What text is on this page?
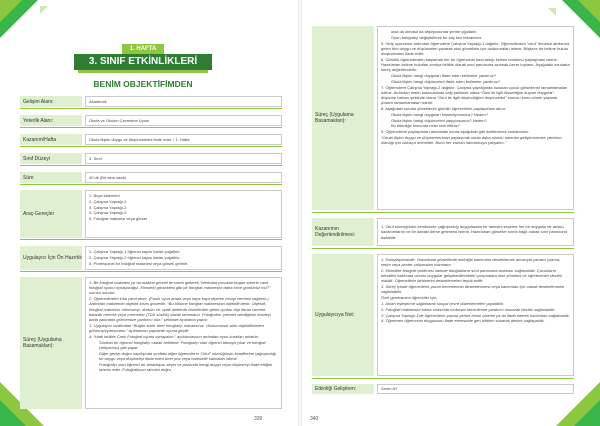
1. HAFTA
3. SINIF ETKİNLİKLERİ
BENİM OBJEKTİFİMDEN
Gelişim Alanı:	Akademik
Yeterlik Alanı:	Okula ve Okulun Çevresine Uyum
Kazanım/Hafta	Okula ilişkin duygu ve düşüncelerini ifade eder. / 1. Hafta
Sınıf Düzeyi	3. Sınıf
Süre	40 dk (Bir ders saati)
Araç-Gereçler
1. Boya kalemleri
2. Çalışma Yaprağı-1
3. Çalışma Yaprağı-2
4. Çalışma Yaprağı-3
5. Fotoğraf makinesi veya görsel
Uygulayıcı İçin Ön Hazırlık
1. Çalışma Yaprağı-1 öğrenci sayısı kadar çoğaltılır.
2. Çalışma Yaprağı-2 öğrenci sayısı kadar çoğaltılır.
3. Profesyonel bir fotoğraf makinesi veya görseli getirilir.
Süreç (Uygulama Basamakları):
1. Bir fotoğraf makinesi ya da makine görseli ile sınıfa girilerek “Merhaba çocuklar bugün sizlerle canlı fotoğraf oyunu oynayacağız. Elimdeki görseldeki gibi bir fotoğraf makinesini daha önce gördünüz mü?” sorusu sorulur.
2. Öğrencilerden kısa yanıt alınır. (Farklı oyun araba veya kaya kayıt diyerek cevap vermesi sağlanır.) Ardından makinenin objektif kısmı gösterilir. “Bu bölüme fotoğraf makinesinin objektifi denir. Objektif, fotoğraf makinesi, mikroskop, dürbün vb. optik aletlerde cisimlerden gelen ışınları alıp ekran üzerine aktaran mercek veya mercekler (TDK sözlük) olarak tanımlanır. Fotoğrafını çekmek istediğimiz nesneyi daha yakından görmemize yardımcı olur.” şeklinde açıklama yapılır.
3. Uygulayıcı tarafından “Bugün sizler birer fotoğrafçı olacaksınız. Okulumuzun sizin objektifinizden görünüşü/yansıması.” açıklaması yapılarak oyuna geçilir.
4. “Hadi birlikte Canlı Fotoğraf oyunu oynayalım.” açıklamasının ardından oyun kuralları anlatılır.
Sınıftan bir öğrenci fotoğrafçı olarak belirlenir. Fotoğrafçı olan öğrenci tahtaya çıkar ve fotoğraf çekiyormuş gibi yapar.
Diğer geriye doğru sayılışında sınıftaki diğer öğrencilerin “Okul” sözcüğünün kendilerine çağrıştırdığı bir duygu veya düşünceyi ifade eden birer poz veya hareketle kalmaları istenir.
Fotoğrafçı olan öğrenci bir arkadaşını seçer ve pozunda hangi duygu veya düşünceyi ifade ettiğini tahmin eder. Fotoğrafçının tahmini doğru
339
Süreç (Uygulama Basamakları):
olsa da olmasa da afişi/pozunda yerine oğullanır.
Oyun fotoğrafçı değiştirilerek bir kaç kez tekrarlanır.
5. Giriş oyununun ardından öğrencilere Çalışma Yaprağı-1 dağıtılır. Öğrencilerden “okul” denince akıllarına gelen tüm duygu ve düşünceleri yazarak okul görselinin için doldurmaları istenir. Böylece bir kelime bulutu oluşturmaları ifade edilir.
6. Gönüllü öğrencilerden başlamak her bir öğrencinin hazırladığı kelime bulutunu paylaşması istenir. Hazırlanan kelime bulutları sınıfça birlikte olarak sınıf panosuna asılmak üzere toplanır. Aşağıdaki sorularla süreç değerlendirilir:
Okula ilişkin hangi duyguları ifade eden kelimeler yazdınız?
Okula ilişkin hangi düşünceleri ifade eden kelimeler yazdınız?
7. Öğrencilere Çalışma Yaprağı-2 dağıtılır. Çalışma yaprağında bulunan çocuk görsellerini tamamlamaları istenir. Ardından metin kutucuklarda kalp şeklinde olana “Okul ile ilgili hissettiğim duyum duygular”, düşünce balonu şeklinde olana “Okul ile ilgili düşündüğüm düşünceleri” sonucu konu cümle yazarak posteri tamamlamaları istenir.
8. Aşağıdaki sorular yönetilerek gönüllü öğrencilerin paylaşımları alınır.
Okula ilişkin hangi duyguları hissediyorsunuz? Neden?
Okula ilişkin hangi düşünceleri yaşıyorsunuz? Neden?
Bu etkinliğe sonunda neler fark ettiniz?
9. Öğrencilerin paylaşımları alındıktan sonra aşağıdaki gibi özetlenerek sonlandırılır.
“Okula ilişkin duygu ve düşüncelerimizi paylaşmak okula daha olumlu tutumlar geliştirmemize yardımcı olacağı için oldukça önemlidir. Bunu her zaman hatırlamaya çalışalım.”
Kazanımın Değerlendirilmesi:
1. Okul sözcüğünün kendisinde çağrıştırdığı duygulardan bir tanesini seçerek her bir duygusu bir amacı kazanımlarını ve bir dahaki derse getirmesi istenir. Hazırlanan görseller sınıfa bağlı olarak sınıf panosuna asılabilir.
Uygulayıcıya Not:
1. Kolaylaştırılabilir: Hazırlanan görsellerde etkinliğe katılımları desteklemek amacıyla yaratıcı yazma, resim veya poster çalışmaları hazırlanır.
2. Etkinlikte fotoğraf çekilmesi halinde fotoğrafların sınıf panosuna asılması sağlanabilir. Çocukların kendileri hakkında olumlu duygular geliştirebilecekleri çalışmalara okul yönetimi ve öğretmenler destek olabilir. Öğrencilerin birbirlerini desteklemeleri teşvik edilir.
3. Süreç içinde öğrencilerin yazım becerilerinin desteklenmesi veya katılımları için olarak desteklenmesi sağlanabilir.
Özel gereksinimi öğrenciler için;
1. Akran eşleştirme sağlanarak sosyal çevre düzenlemeleri yapılabilir.
2. Fotoğraf makinesini tutma sırasında motorsal becerilerine yardımcı olunarak destek sağlanabilir.
3. Çalışma Yaprağı-1'de öğrencilerin yazma yerine resim çizerek ya da ifade ederek katılımları sağlanabilir.
4. Öğretmen öğrencinin duygusunu ifade etmesinde geri bildirim sunarak destek sağlayabilir.
Etkinliği Geliştiren:	Zerrin AY
340
